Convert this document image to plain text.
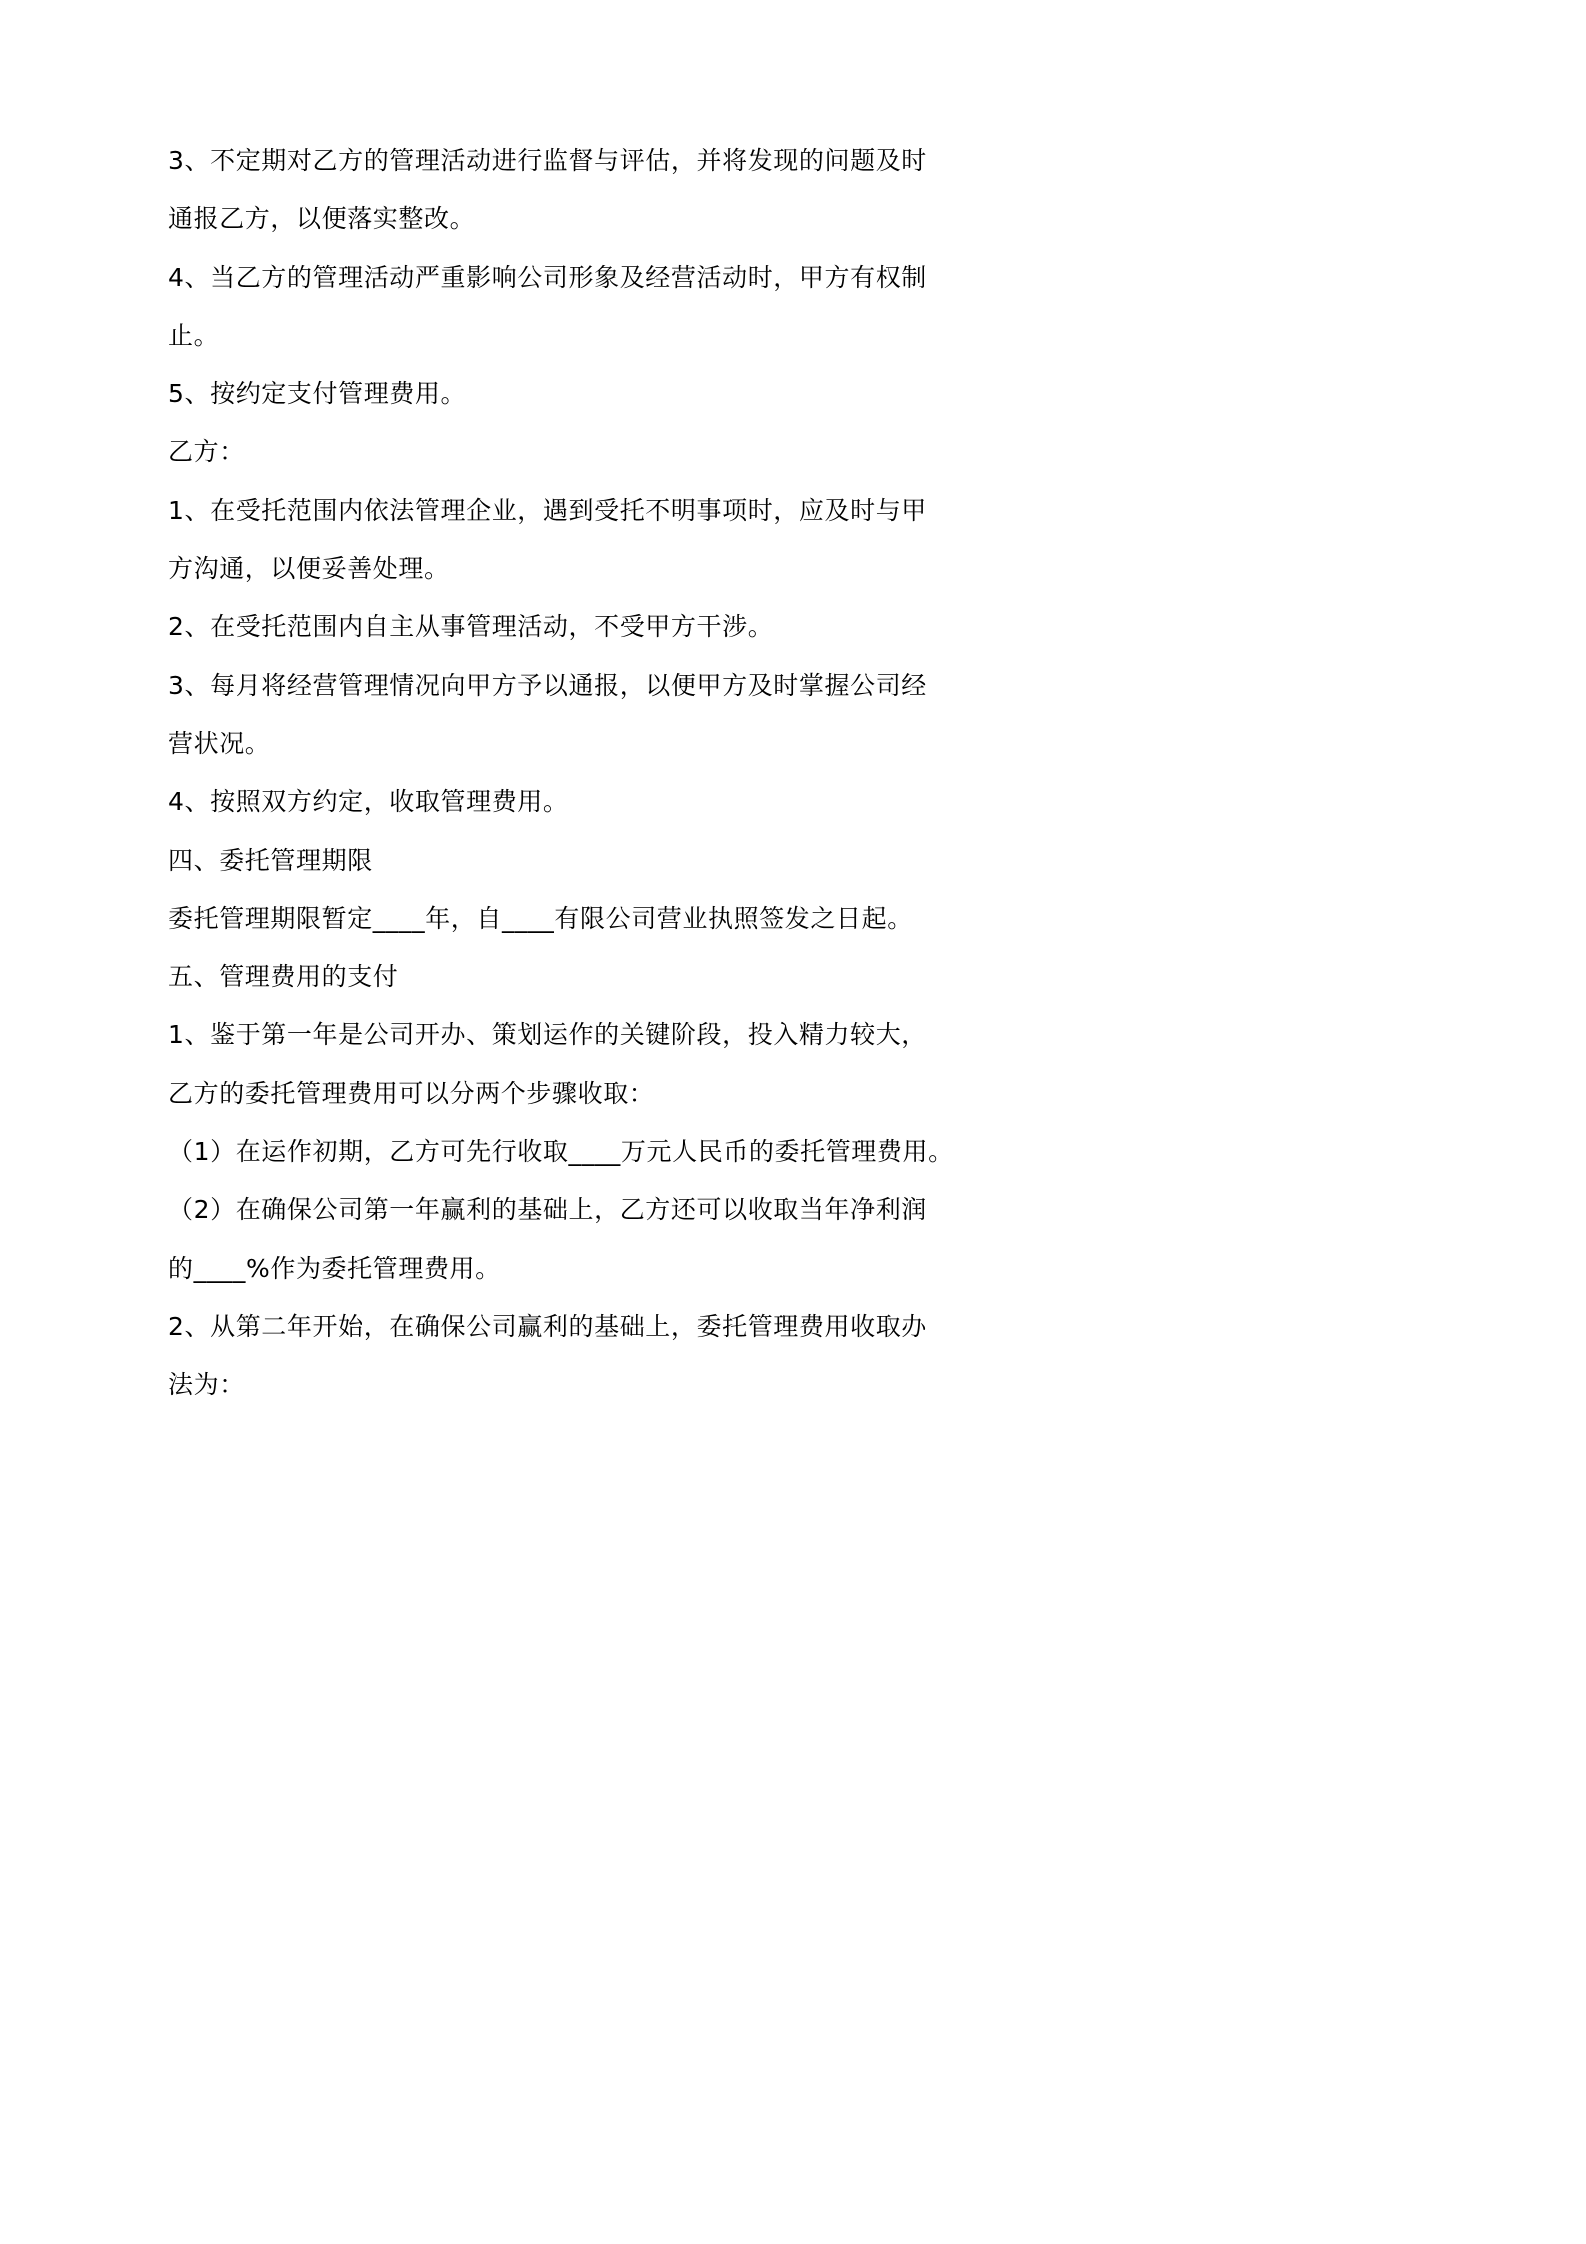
3、不定期对乙方的管理活动进行监督与评估，并将发现的问题及时
通报乙方，以便落实整改。
4、当乙方的管理活动严重影响公司形象及经营活动时，甲方有权制
止。
5、按约定支付管理费用。
乙方：
1、在受托范围内依法管理企业，遇到受托不明事项时，应及时与甲
方沟通，以便妥善处理。
2、在受托范围内自主从事管理活动，不受甲方干涉。
3、每月将经营管理情况向甲方予以通报，以便甲方及时掌握公司经
营状况。
4、按照双方约定，收取管理费用。
四、委托管理期限
委托管理期限暂定____年，自____有限公司营业执照签发之日起。
五、管理费用的支付
1、鉴于第一年是公司开办、策划运作的关键阶段，投入精力较大，
乙方的委托管理费用可以分两个步骤收取：
（1）在运作初期，乙方可先行收取____万元人民币的委托管理费用。
（2）在确保公司第一年赢利的基础上，乙方还可以收取当年净利润
的____%作为委托管理费用。
2、从第二年开始，在确保公司赢利的基础上，委托管理费用收取办
法为：
